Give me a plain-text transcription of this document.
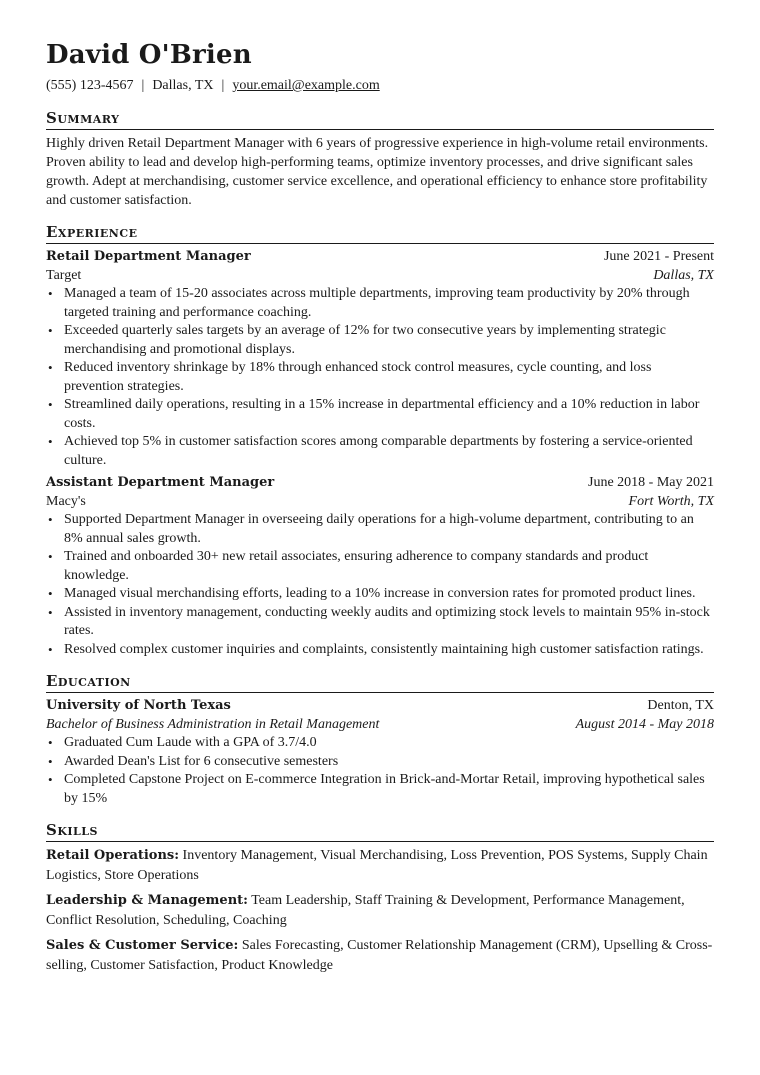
David O'Brien
(555) 123-4567 | Dallas, TX | your.email@example.com
Summary

Highly driven Retail Department Manager with 6 years of progressive experience in high-volume retail environments. Proven ability to lead and develop high-performing teams, optimize inventory processes, and drive significant sales growth. Adept at merchandising, customer service excellence, and operational efficiency to enhance store profitability and customer satisfaction.

Experience
Retail Department Manager	June 2021 - Present
Target	Dallas, TX
• Managed a team of 15-20 associates across multiple departments, improving team productivity by 20% through targeted training and performance coaching.
• Exceeded quarterly sales targets by an average of 12% for two consecutive years by implementing strategic merchandising and promotional displays.
• Reduced inventory shrinkage by 18% through enhanced stock control measures, cycle counting, and loss prevention strategies.
• Streamlined daily operations, resulting in a 15% increase in departmental efficiency and a 10% reduction in labor costs.
• Achieved top 5% in customer satisfaction scores among comparable departments by fostering a service-oriented culture.
Assistant Department Manager	June 2018 - May 2021
Macy's	Fort Worth, TX
• Supported Department Manager in overseeing daily operations for a high-volume department, contributing to an 8% annual sales growth.
• Trained and onboarded 30+ new retail associates, ensuring adherence to company standards and product knowledge.
• Managed visual merchandising efforts, leading to a 10% increase in conversion rates for promoted product lines.
• Assisted in inventory management, conducting weekly audits and optimizing stock levels to maintain 95% in-stock rates.
• Resolved complex customer inquiries and complaints, consistently maintaining high customer satisfaction ratings.
Education
University of North Texas	Denton, TX
Bachelor of Business Administration in Retail Management	August 2014 - May 2018
• Graduated Cum Laude with a GPA of 3.7/4.0
• Awarded Dean's List for 6 consecutive semesters
• Completed Capstone Project on E-commerce Integration in Brick-and-Mortar Retail, improving hypothetical sales by 15%
Skills

Retail Operations: Inventory Management, Visual Merchandising, Loss Prevention, POS Systems, Supply Chain Logistics, Store Operations

Leadership & Management: Team Leadership, Staff Training & Development, Performance Management, Conflict Resolution, Scheduling, Coaching

Sales & Customer Service: Sales Forecasting, Customer Relationship Management (CRM), Upselling & Cross-selling, Customer Satisfaction, Product Knowledge
